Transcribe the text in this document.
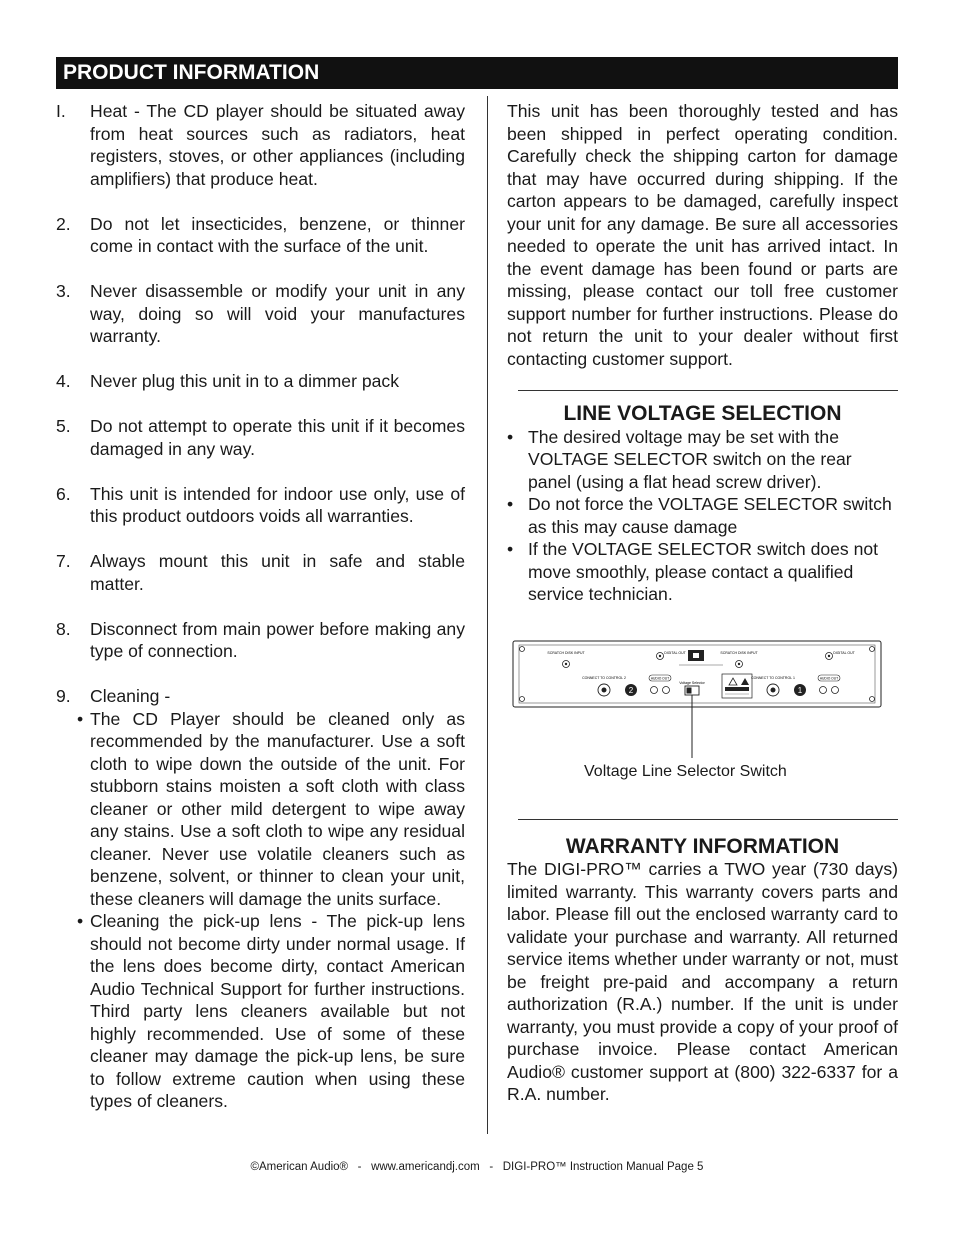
PRODUCT INFORMATION
I.	Heat - The CD player should be situated away from heat sources such as radiators, heat registers, stoves, or other appliances (including amplifiers) that produce heat.
2.	Do not let insecticides, benzene, or thinner come in contact with the surface of the unit.
3.	Never disassemble or modify your unit in any way, doing so will void your manufactures warranty.
4.	Never plug this unit in to a dimmer pack
5.	Do not attempt to operate this unit if it becomes damaged in any way.
6.	This unit is intended for indoor use only, use of this product outdoors voids all warranties.
7.	Always mount this unit in safe and stable matter.
8.	Disconnect from main power before making any type of connection.
9.	Cleaning -
• The CD Player should be cleaned only as recommended by the manufacturer. Use a soft cloth to wipe down the outside of the unit. For stubborn stains moisten a soft cloth with class cleaner or other mild detergent to wipe away any stains. Use a soft cloth to wipe any residual cleaner. Never use volatile cleaners such as benzene, solvent, or thinner to clean your unit, these cleaners will damage the units surface.
• Cleaning the pick-up lens - The pick-up lens should not become dirty under normal usage. If the lens does become dirty, contact American Audio Technical Support for further instructions. Third party lens cleaners available but not highly recommended. Use of some of these cleaner may damage the pick-up lens, be sure to follow extreme caution when using these types of cleaners.

This unit has been thoroughly tested and has been shipped in perfect operating condition. Carefully check the shipping carton for damage that may have occurred during shipping. If the carton appears to be damaged, carefully inspect your unit for any damage. Be sure all accessories needed to operate the unit has arrived intact. In the event damage has been found or parts are missing, please contact our toll free customer support number for further instructions. Please do not return the unit to your dealer without first contacting customer support.

LINE VOLTAGE SELECTION
• The desired voltage may be set with the VOLTAGE SELECTOR switch on the rear panel (using a flat head screw driver).
• Do not force the VOLTAGE SELECTOR switch as this may cause damage
• If the VOLTAGE SELECTOR switch does not move smoothly, please contact a qualified service technician.
SCRATCH DISK INPUT	DIGITAL OUT	SCRATCH DISK INPUT	DIGITAL OUT
CONNECT TO CONTROL 2
2
AUDIO OUT
Voltage Selector
CONNECT TO CONTROL 1
1
AUDIO OUT
Voltage Line Selector Switch
WARRANTY INFORMATION

The DIGI-PRO™ carries a TWO year (730 days) limited warranty. This warranty covers parts and labor. Please fill out the enclosed warranty card to validate your purchase and warranty. All returned service items whether under warranty or not, must be freight pre-paid and accompany a return authorization (R.A.) number. If the unit is under warranty, you must provide a copy of your proof of purchase invoice. Please contact American Audio® customer support at (800) 322-6337 for a R.A. number.

©American Audio® - www.americandj.com - DIGI-PRO™ Instruction Manual Page 5
